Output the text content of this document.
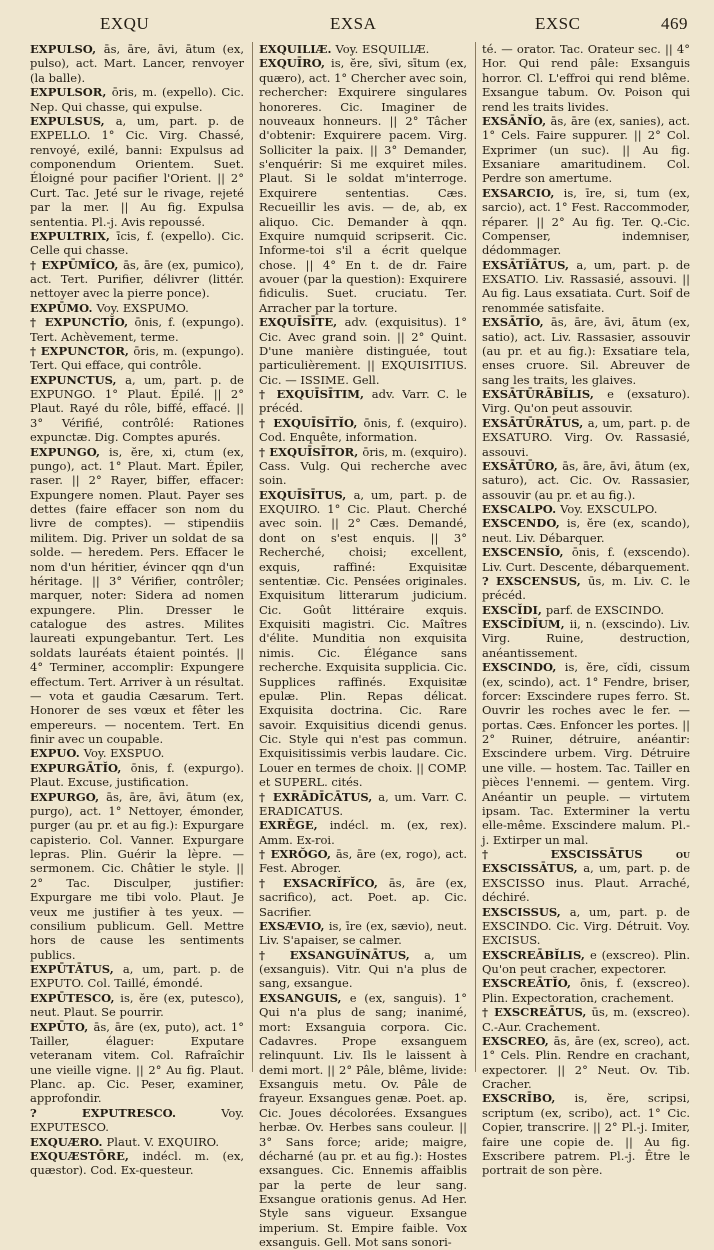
EXQU	EXSA	EXSC	469

EXPULSO, ās, āre, āvi, ātum (ex, pulso), act. Mart. Lancer, renvoyer (la balle).

EXPULSOR, ōris, m. (expello). Cic. Nep. Qui chasse, qui expulse.

EXPULSUS, a, um, part. p. de EXPELLO. 1° Cic. Virg. Chassé, renvoyé, exilé, banni: Expulsus ad componendum Orientem. Suet. Éloigné pour pacifier l'Orient. || 2° Curt. Tac. Jeté sur le rivage, rejeté par la mer. || Au fig. Expulsa sententia. Pl.-j. Avis repoussé.

EXPULTRIX, īcis, f. (expello). Cic. Celle qui chasse.

† EXPŪMĬCO, ās, āre (ex, pumico), act. Tert. Purifier, délivrer (littér. nettoyer avec la pierre ponce).

EXPŪMO. Voy. EXSPUMO.

† EXPUNCTĬO, ōnis, f. (expungo). Tert. Achèvement, terme.

† EXPUNCTOR, ōris, m. (expungo). Tert. Qui efface, qui contrôle.

EXPUNCTUS, a, um, part. p. de EXPUNGO. 1° Plaut. Épilé. || 2° Plaut. Rayé du rôle, biffé, effacé. || 3° Vérifié, contrôlé: Rationes expunctæ. Dig. Comptes apurés.

EXPUNGO, is, ĕre, xi, ctum (ex, pungo), act. 1° Plaut. Mart. Épiler, raser. || 2° Rayer, biffer, effacer: Expungere nomen. Plaut. Payer ses dettes (faire effacer son nom du livre de comptes). — stipendiis militem. Dig. Priver un soldat de sa solde. — heredem. Pers. Effacer le nom d'un héritier, évincer qqn d'un héritage. || 3° Vérifier, contrôler; marquer, noter: Sidera ad nomen expungere. Plin. Dresser le catalogue des astres. Milites laureati expungebantur. Tert. Les soldats lauréats étaient pointés. || 4° Terminer, accomplir: Expungere effectum. Tert. Arriver à un résultat. — vota et gaudia Cæsarum. Tert. Honorer de ses vœux et fêter les empereurs. — nocentem. Tert. En finir avec un coupable.

EXPUO. Voy. EXSPUO.

EXPURGĀTĬO, ōnis, f. (expurgo). Plaut. Excuse, justification.

EXPURGO, ās, āre, āvi, ātum (ex, purgo), act. 1° Nettoyer, émonder, purger (au pr. et au fig.): Expurgare capisterio. Col. Vanner. Expurgare lepras. Plin. Guérir la lèpre. — sermonem. Cic. Châtier le style. || 2° Tac. Disculper, justifier: Expurgare me tibi volo. Plaut. Je veux me justifier à tes yeux. — consilium publicum. Gell. Mettre hors de cause les sentiments publics.

EXPŪTĀTUS, a, um, part. p. de EXPUTO. Col. Taillé, émondé.

EXPŪTESCO, is, ĕre (ex, putesco), neut. Plaut. Se pourrir.

EXPŪTO, ās, āre (ex, puto), act. 1° Tailler, élaguer: Exputare veteranam vitem. Col. Rafraîchir une vieille vigne. || 2° Au fig. Plaut. Planc. ap. Cic. Peser, examiner, approfondir.

? EXPUTRESCO. Voy. EXPUTESCO.

EXQUÆRO. Plaut. V. EXQUIRO.

EXQUÆSTŌRE, indécl. m. (ex, quæstor). Cod. Ex-questeur.

EXQUILIÆ. Voy. ESQUILIÆ.

EXQUĪRO, is, ĕre, sīvi, sītum (ex, quæro), act. 1° Chercher avec soin, rechercher: Exquirere singulares honoreres. Cic. Imaginer de nouveaux honneurs. || 2° Tâcher d'obtenir: Exquirere pacem. Virg. Solliciter la paix. || 3° Demander, s'enquérir: Si me exquiret miles. Plaut. Si le soldat m'interroge. Exquirere sententias. Cæs. Recueillir les avis. — de, ab, ex aliquo. Cic. Demander à qqn. Exquire numquid scripserit. Cic. Informe-toi s'il a écrit quelque chose. || 4° En t. de dr. Faire avouer (par la question): Exquirere fidiculis. Suet. cruciatu. Ter. Arracher par la torture.

EXQUĪSĪTE, adv. (exquisitus). 1° Cic. Avec grand soin. || 2° Quint. D'une manière distinguée, tout particulièrement. || EXQUISITIUS. Cic. — ISSIME. Gell.

† EXQUĪSĪTIM, adv. Varr. C. le précéd.

† EXQUĪSĪTĬO, ōnis, f. (exquiro). Cod. Enquête, information.

† EXQUĪSĪTOR, ōris, m. (exquiro). Cass. Vulg. Qui recherche avec soin.

EXQUĪSĪTUS, a, um, part. p. de EXQUIRO. 1° Cic. Plaut. Cherché avec soin. || 2° Cæs. Demandé, dont on s'est enquis. || 3° Recherché, choisi; excellent, exquis, raffiné: Exquisitæ sententiæ. Cic. Pensées originales. Exquisitum litterarum judicium. Cic. Goût littéraire exquis. Exquisiti magistri. Cic. Maîtres d'élite. Munditia non exquisita nimis. Cic. Élégance sans recherche. Exquisita supplicia. Cic. Supplices raffinés. Exquisitæ epulæ. Plin. Repas délicat. Exquisita doctrina. Cic. Rare savoir. Exquisitius dicendi genus. Cic. Style qui n'est pas commun. Exquisitissimis verbis laudare. Cic. Louer en termes de choix. || COMP. et SUPERL. cités.

† EXRĀDĪCĀTUS, a, um. Varr. C. ERADICATUS.

EXRĒGE, indécl. m. (ex, rex). Amm. Ex-roi.

† EXRŎGO, ās, āre (ex, rogo), act. Fest. Abroger.

† EXSACRĬFĬCO, ās, āre (ex, sacrifico), act. Poet. ap. Cic. Sacrifier.

EXSÆVIO, is, īre (ex, sævio), neut. Liv. S'apaiser, se calmer.

† EXSANGUĬNĀTUS, a, um (exsanguis). Vitr. Qui n'a plus de sang, exsangue.

EXSANGUIS, e (ex, sanguis). 1° Qui n'a plus de sang; inanimé, mort: Exsanguia corpora. Cic. Cadavres. Prope exsanguem relinquunt. Liv. Ils le laissent à demi mort. || 2° Pâle, blême, livide: Exsanguis metu. Ov. Pâle de frayeur. Exsangues genæ. Poet. ap. Cic. Joues décolorées. Exsangues herbæ. Ov. Herbes sans couleur. || 3° Sans force; aride; maigre, décharné (au pr. et au fig.): Hostes exsangues. Cic. Ennemis affaiblis par la perte de leur sang. Exsangue orationis genus. Ad Her. Style sans vigueur. Exsangue imperium. St. Empire faible. Vox exsanguis. Gell. Mot sans sonori-

té. — orator. Tac. Orateur sec. || 4° Hor. Qui rend pâle: Exsanguis horror. Cl. L'effroi qui rend blême. Exsangue tabum. Ov. Poison qui rend les traits livides.

EXSĀNĬO, ās, āre (ex, sanies), act. 1° Cels. Faire suppurer. || 2° Col. Exprimer (un suc). || Au fig. Exsaniare amaritudinem. Col. Perdre son amertume.

EXSARCIO, is, īre, si, tum (ex, sarcio), act. 1° Fest. Raccommoder, réparer. || 2° Au fig. Ter. Q.-Cic. Compenser, indemniser, dédommager.

EXSĀTĬĀTUS, a, um, part. p. de EXSATIO. Liv. Rassasié, assouvi. || Au fig. Laus exsatiata. Curt. Soif de renommée satisfaite.

EXSĀTĬO, ās, āre, āvi, ātum (ex, satio), act. Liv. Rassasier, assouvir (au pr. et au fig.): Exsatiare tela, enses cruore. Sil. Abreuver de sang les traits, les glaives.

EXSĀTŪRĀBĬLIS, e (exsaturo). Virg. Qu'on peut assouvir.

EXSĀTŪRĀTUS, a, um, part. p. de EXSATURO. Virg. Ov. Rassasié, assouvi.

EXSĀTŪRO, ās, āre, āvi, ātum (ex, saturo), act. Cic. Ov. Rassasier, assouvir (au pr. et au fig.).

EXSCALPO. Voy. EXSCULPO.

EXSCENDO, is, ĕre (ex, scando), neut. Liv. Débarquer.

EXSCENSĬO, ōnis, f. (exscendo). Liv. Curt. Descente, débarquement.

? EXSCENSUS, ūs, m. Liv. C. le précéd.

EXSCĬDI, parf. de EXSCINDO.

EXSCĬDĬUM, ii, n. (exscindo). Liv. Virg. Ruine, destruction, anéantissement.

EXSCINDO, is, ĕre, cĭdi, cissum (ex, scindo), act. 1° Fendre, briser, forcer: Exscindere rupes ferro. St. Ouvrir les roches avec le fer. — portas. Cæs. Enfoncer les portes. || 2° Ruiner, détruire, anéantir: Exscindere urbem. Virg. Détruire une ville. — hostem. Tac. Tailler en pièces l'ennemi. — gentem. Virg. Anéantir un peuple. — virtutem ipsam. Tac. Exterminer la vertu elle-même. Exscindere malum. Pl.-j. Extirper un mal.

† EXSCISSĀTUS ou EXSCISSĀTUS, a, um, part. p. de EXSCISSO inus. Plaut. Arraché, déchiré.

EXSCISSUS, a, um, part. p. de EXSCINDO. Cic. Virg. Détruit. Voy. EXCISUS.

EXSCREĀBĬLIS, e (exscreo). Plin. Qu'on peut cracher, expectorer.

EXSCREĀTĬO, ōnis, f. (exscreo). Plin. Expectoration, crachement.

† EXSCREĀTUS, ūs, m. (exscreo). C.-Aur. Crachement.

EXSCREO, ās, āre (ex, screo), act. 1° Cels. Plin. Rendre en crachant, expectorer. || 2° Neut. Ov. Tib. Cracher.

EXSCRĪBO, is, ĕre, scripsi, scriptum (ex, scribo), act. 1° Cic. Copier, transcrire. || 2° Pl.-j. Imiter, faire une copie de. || Au fig. Exscribere patrem. Pl.-j. Être le portrait de son père.
